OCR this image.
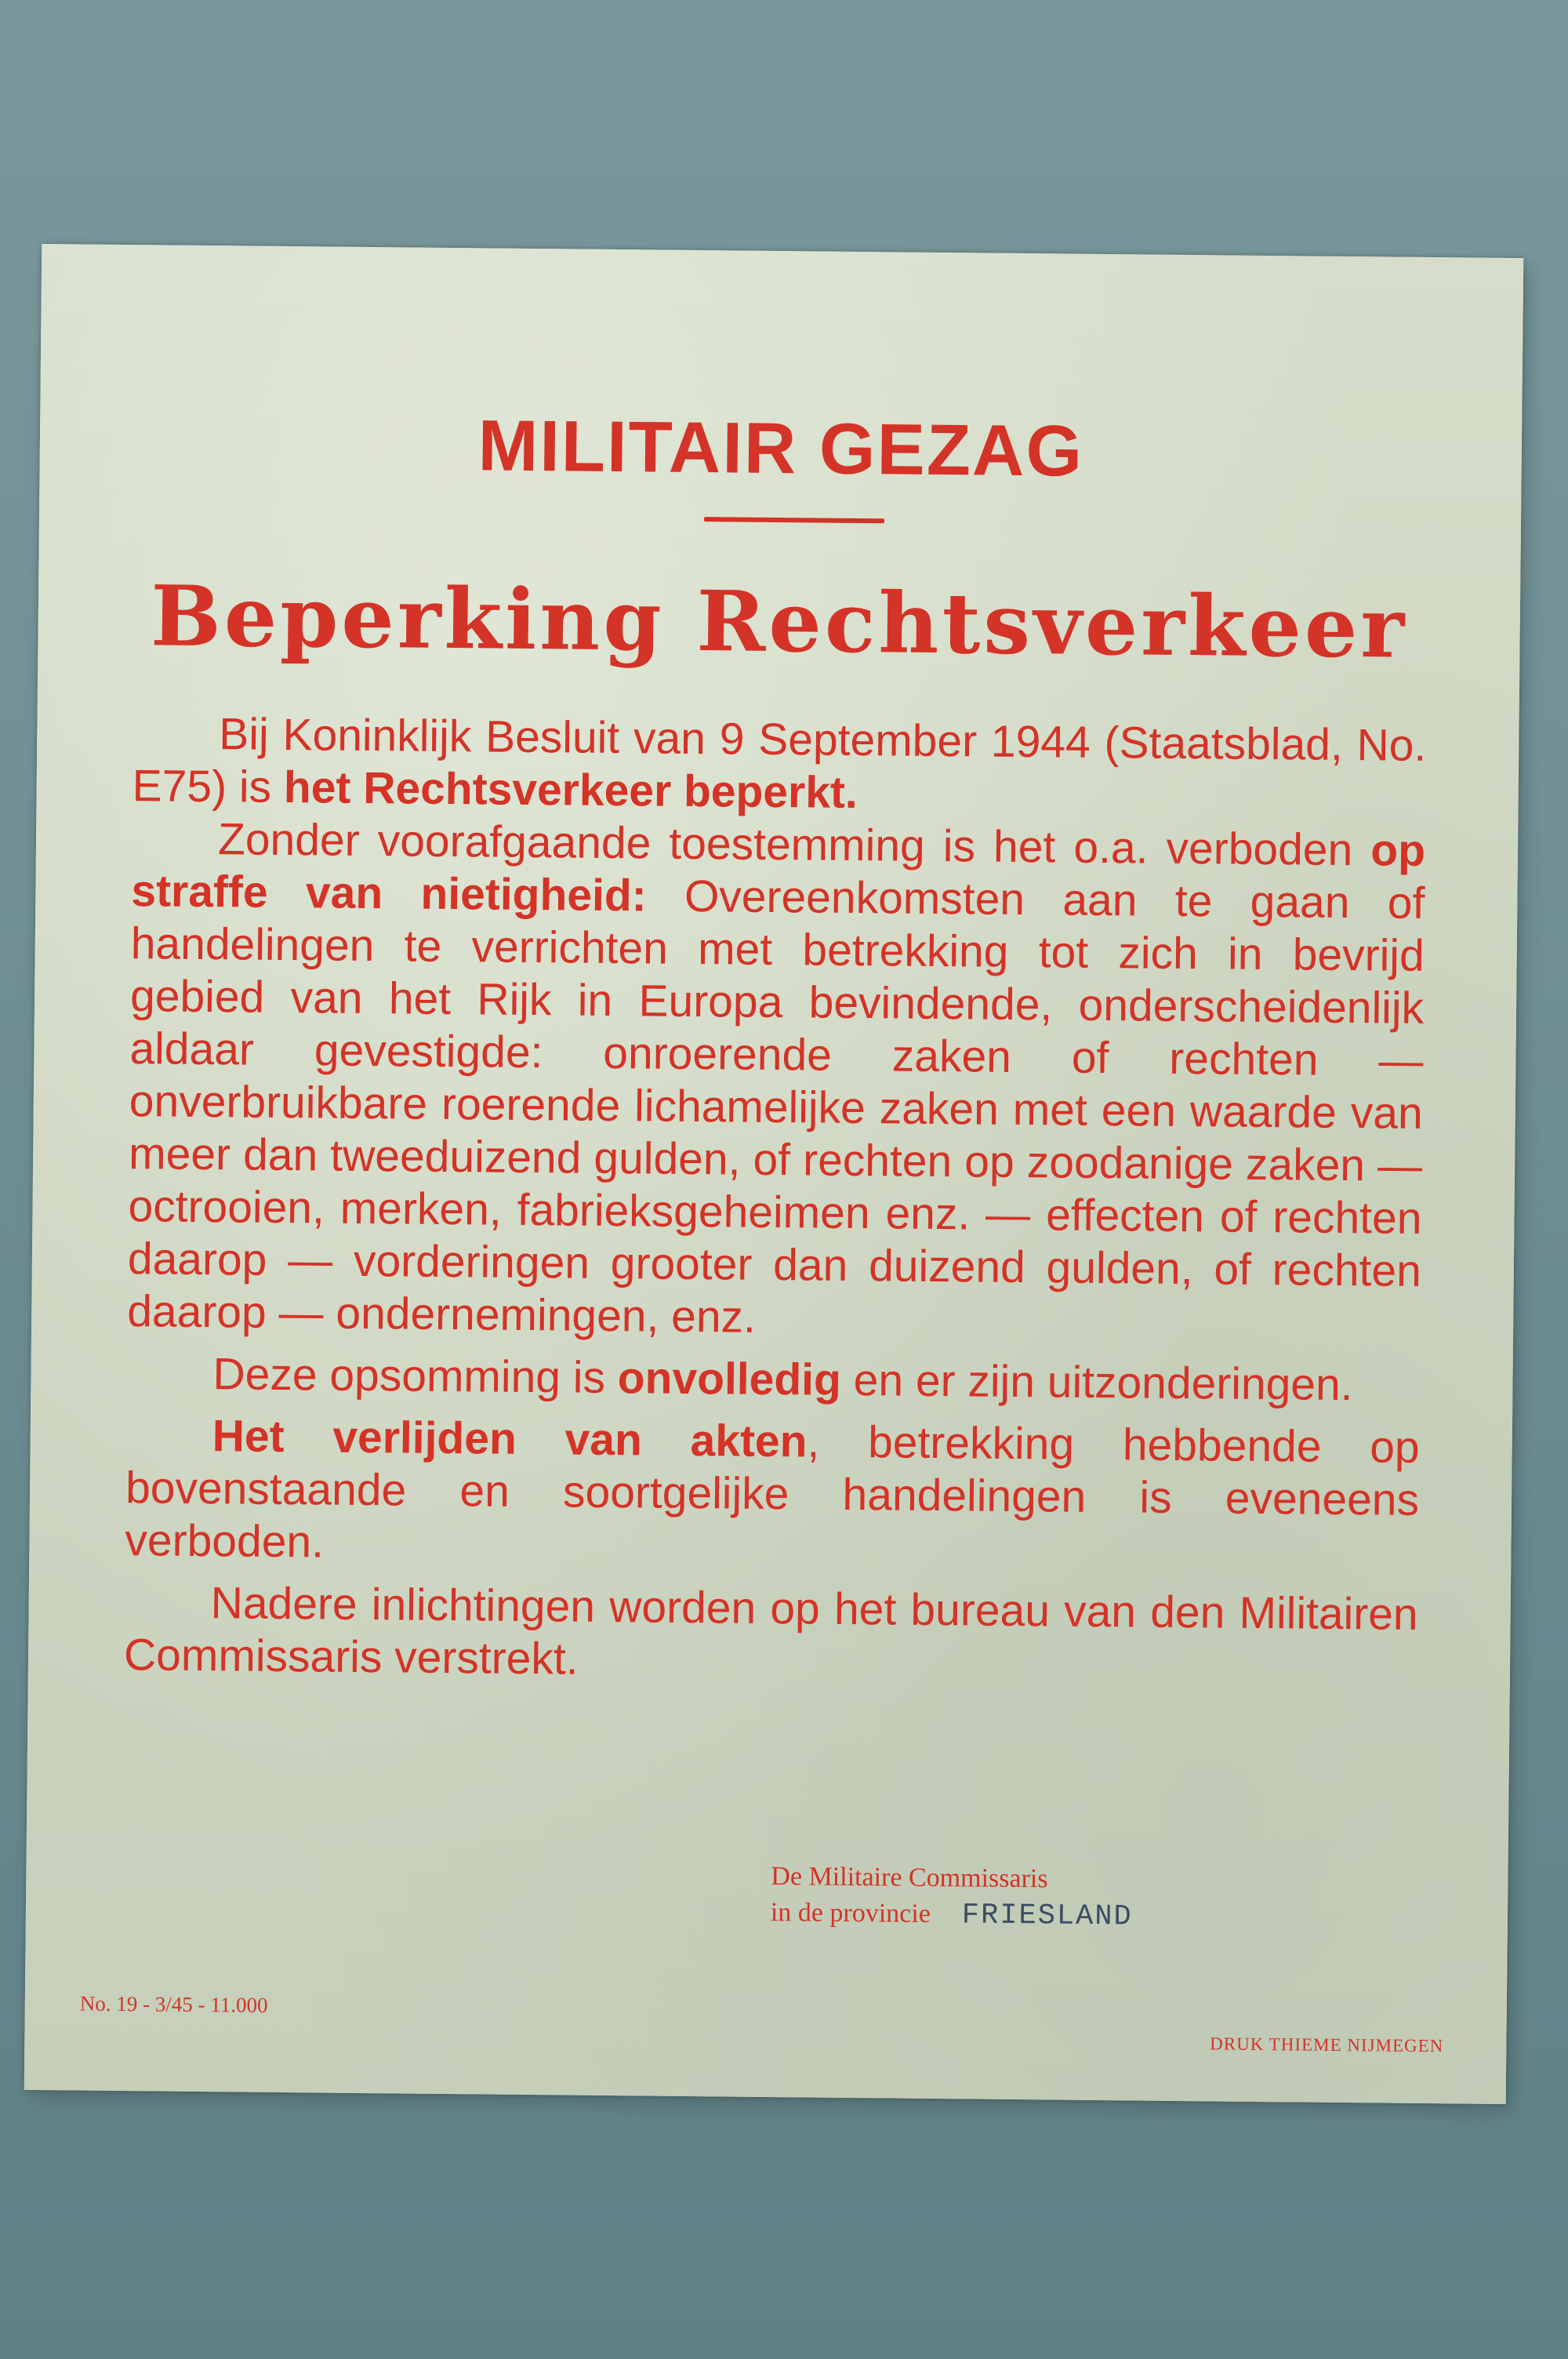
MILITAIR GEZAG
Beperking Rechtsverkeer

Bij Koninklijk Besluit van 9 September 1944 (Staatsblad, No. E75) is het Rechtsverkeer beperkt.

Zonder voorafgaande toestemming is het o.a. verboden op straffe van nietigheid: Overeenkomsten aan te gaan of handelingen te verrichten met betrekking tot zich in bevrijd gebied van het Rijk in Europa bevindende, onderscheidenlijk aldaar gevestigde: onroerende zaken of rechten — onverbruikbare roerende lichamelijke zaken met een waarde van meer dan tweeduizend gulden, of rechten op zoodanige zaken — octrooien, merken, fabrieksgeheimen enz. — effecten of rechten daarop — vorderingen grooter dan duizend gulden, of rechten daarop — ondernemingen, enz.

Deze opsomming is onvolledig en er zijn uitzonderingen.

Het verlijden van akten, betrekking hebbende op bovenstaande en soortgelijke handelingen is eveneens verboden.

Nadere inlichtingen worden op het bureau van den Militairen Commissaris verstrekt.

De Militaire Commissaris
in de provincie FRIESLAND
No. 19 - 3/45 - 11.000
DRUK THIEME NIJMEGEN
